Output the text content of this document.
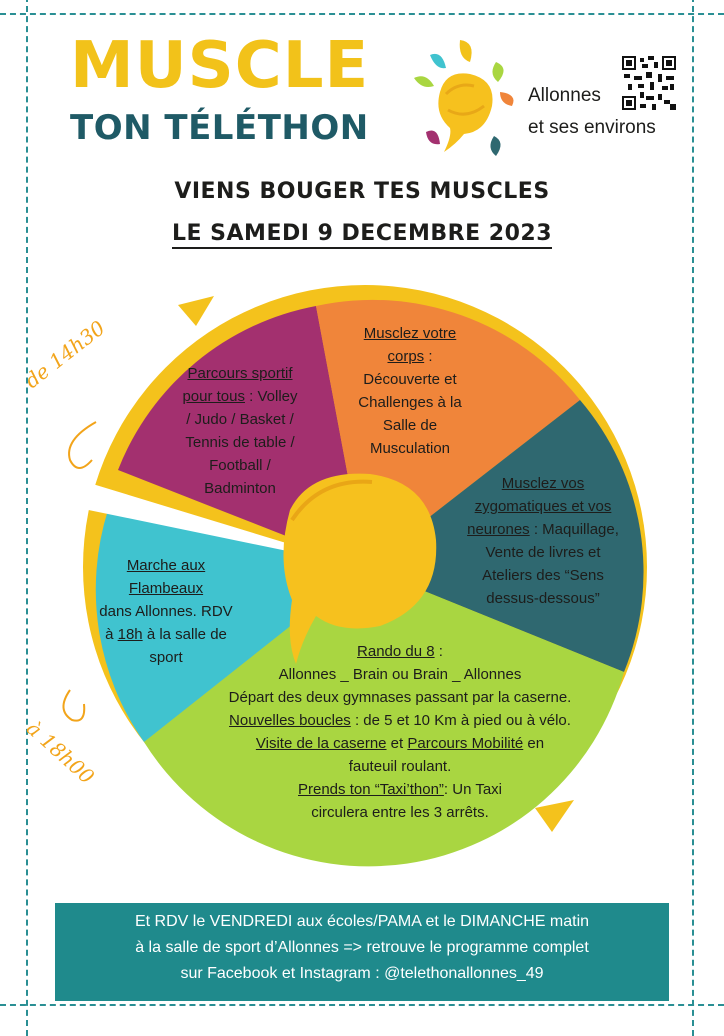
MUSCLE
TON TÉLÉTHON
Allonnes
et ses environs
VIENS BOUGER TES MUSCLES
LE SAMEDI 9 DECEMBRE 2023
de 14h30
à 18h00
Parcours sportif
pour tous : Volley
/ Judo / Basket /
Tennis de table /
Football /
Badminton
Musclez votre
corps :
Découverte et
Challenges à la
Salle de
Musculation
Musclez vos
zygomatiques et vos
neurones : Maquillage,
Vente de livres et
Ateliers des “Sens
dessus-dessous”
Marche aux
Flambeaux
dans Allonnes. RDV
à 18h à la salle de
sport	Rando du 8 :
Allonnes _ Brain ou Brain _ Allonnes
Départ des deux gymnases passant par la caserne.
Nouvelles boucles : de 5 et 10 Km à pied ou à vélo.
Visite de la caserne et Parcours Mobilité en
fauteuil roulant.
Prends ton “Taxi’thon”: Un Taxi
circulera entre les 3 arrêts.
Et RDV le VENDREDI aux écoles/PAMA et le DIMANCHE matin
à la salle de sport d’Allonnes => retrouve le programme complet
sur Facebook et Instagram : @telethonallonnes_49
